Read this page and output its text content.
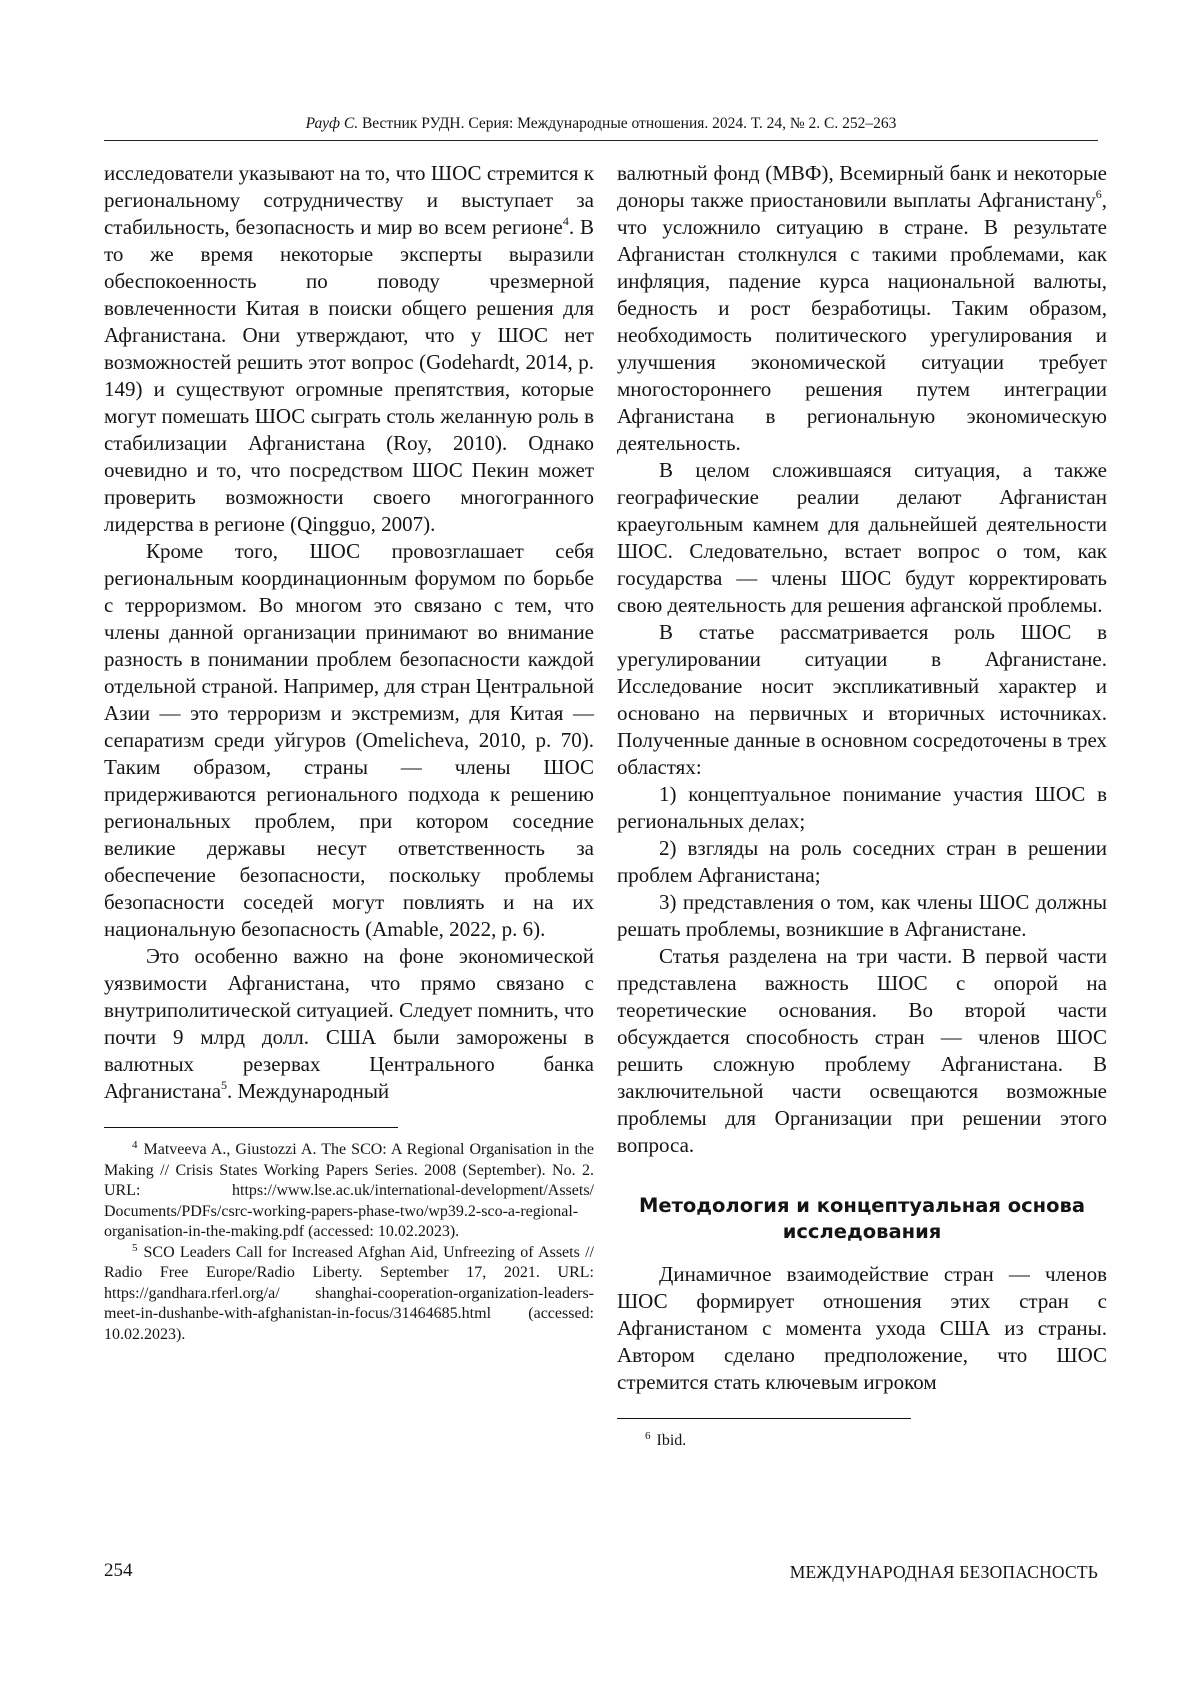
Рауф С. Вестник РУДН. Серия: Международные отношения. 2024. Т. 24, № 2. С. 252–263

исследователи указывают на то, что ШОС стремится к региональному сотрудничеству и выступает за стабильность, безопасность и мир во всем регионе$^4$. В то же время некоторые эксперты выразили обеспокоенность по поводу чрезмерной вовлеченности Китая в поиски общего решения для Афганистана. Они утверждают, что у ШОС нет возможностей решить этот вопрос (Godehardt, 2014, p. 149) и существуют огромные препятствия, которые могут помешать ШОС сыграть столь желанную роль в стабилизации Афганистана (Roy, 2010). Однако очевидно и то, что посредством ШОС Пекин может проверить возможности своего многогранного лидерства в регионе (Qingguo, 2007).

Кроме того, ШОС провозглашает себя региональным координационным форумом по борьбе с терроризмом. Во многом это связано с тем, что члены данной организации принимают во внимание разность в понимании проблем безопасности каждой отдельной страной. Например, для стран Центральной Азии — это терроризм и экстремизм, для Китая — сепаратизм среди уйгуров (Omelicheva, 2010, p. 70). Таким образом, страны — члены ШОС придерживаются регионального подхода к решению региональных проблем, при котором соседние великие державы несут ответственность за обеспечение безопасности, поскольку проблемы безопасности соседей могут повлиять и на их национальную безопасность (Amable, 2022, p. 6).

Это особенно важно на фоне экономической уязвимости Афганистана, что прямо связано с внутриполитической ситуацией. Следует помнить, что почти 9 млрд долл. США были заморожены в валютных резервах Центрального банка Афганистана$^5$. Международный

$^4$ Matveeva A., Giustozzi A. The SCO: A Regional Organisation in the Making // Crisis States Working Papers Series. 2008 (September). No. 2. URL: https://www.lse.ac.uk/international-development/Assets/ Documents/PDFs/csrc-working-papers-phase-two/wp39.2-sco-a-regional-organisation-in-the-making.pdf (accessed: 10.02.2023).

$^5$ SCO Leaders Call for Increased Afghan Aid, Unfreezing of Assets // Radio Free Europe/Radio Liberty. September 17, 2021. URL: https://gandhara.rferl.org/a/ shanghai-cooperation-organization-leaders-meet-in-dushanbe-with-afghanistan-in-focus/31464685.html (accessed: 10.02.2023).

валютный фонд (МВФ), Всемирный банк и некоторые доноры также приостановили выплаты Афганистану$^6$, что усложнило ситуацию в стране. В результате Афганистан столкнулся с такими проблемами, как инфляция, падение курса национальной валюты, бедность и рост безработицы. Таким образом, необходимость политического урегулирования и улучшения экономической ситуации требует многостороннего решения путем интеграции Афганистана в региональную экономическую деятельность.

В целом сложившаяся ситуация, а также географические реалии делают Афганистан краеугольным камнем для дальнейшей деятельности ШОС. Следовательно, встает вопрос о том, как государства — члены ШОС будут корректировать свою деятельность для решения афганской проблемы.

В статье рассматривается роль ШОС в урегулировании ситуации в Афганистане. Исследование носит экспликативный характер и основано на первичных и вторичных источниках. Полученные данные в основном сосредоточены в трех областях:

1) концептуальное понимание участия ШОС в региональных делах;

2) взгляды на роль соседних стран в решении проблем Афганистана;

3) представления о том, как члены ШОС должны решать проблемы, возникшие в Афганистане.

Статья разделена на три части. В первой части представлена важность ШОС с опорой на теоретические основания. Во второй части обсуждается способность стран — членов ШОС решить сложную проблему Афганистана. В заключительной части освещаются возможные проблемы для Организации при решении этого вопроса.

Методология и концептуальная основа исследования

Динамичное взаимодействие стран — членов ШОС формирует отношения этих стран с Афганистаном с момента ухода США из страны. Автором сделано предположение, что ШОС стремится стать ключевым игроком

$^6$ Ibid.

254	МЕЖДУНАРОДНАЯ БЕЗОПАСНОСТЬ
